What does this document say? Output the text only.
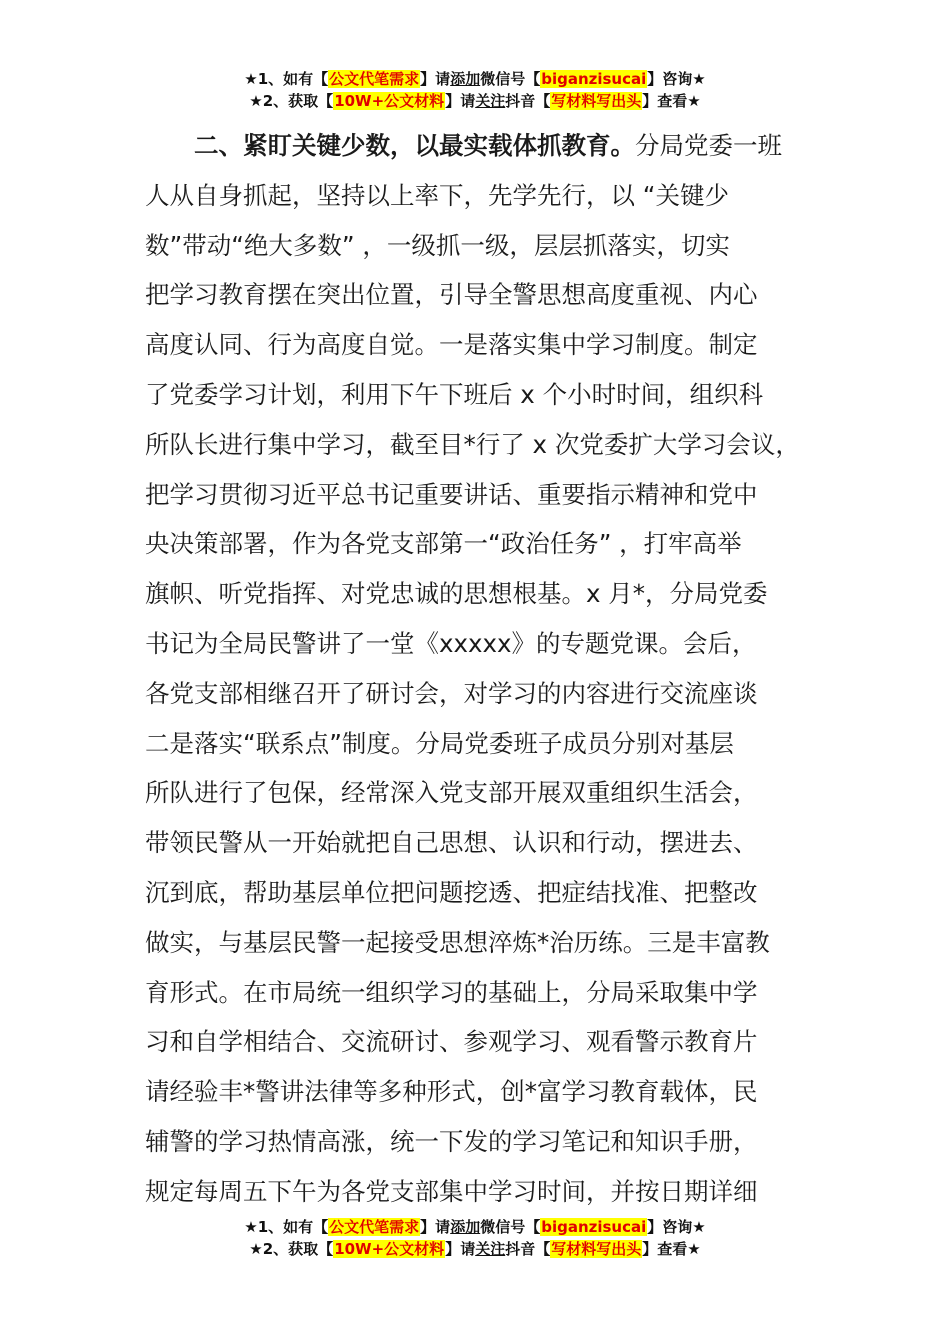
★1、如有【公文代笔需求】请添加微信号【biganzisucai】咨询★
★2、获取【10W+公文材料】请关注抖音【写材料写出头】查看★
　　二、紧盯关键少数，以最实载体抓教育。分局党委一班
人从自身抓起，坚持以上率下，先学先行，以 “关键少
数”带动“绝大多数” ，一级抓一级，层层抓落实，切实
把学习教育摆在突出位置，引导全警思想高度重视、内心
高度认同、行为高度自觉。一是落实集中学习制度。制定
了党委学习计划，利用下午下班后 x 个小时时间，组织科
所队长进行集中学习，截至目*行了 x 次党委扩大学习会议，
把学习贯彻习近平总书记重要讲话、重要指示精神和党中
央决策部署，作为各党支部第一“政治任务” ，打牢高举
旗帜、听党指挥、对党忠诚的思想根基。x 月*，分局党委
书记为全局民警讲了一堂《xxxxx》的专题党课。会后，
各党支部相继召开了研讨会，对学习的内容进行交流座谈
二是落实“联系点”制度。分局党委班子成员分别对基层
所队进行了包保，经常深入党支部开展双重组织生活会，
带领民警从一开始就把自己思想、认识和行动，摆进去、
沉到底，帮助基层单位把问题挖透、把症结找准、把整改
做实，与基层民警一起接受思想淬炼*治历练。三是丰富教
育形式。在市局统一组织学习的基础上，分局采取集中学
习和自学相结合、交流研讨、参观学习、观看警示教育片
请经验丰*警讲法律等多种形式，创*富学习教育载体，民
辅警的学习热情高涨，统一下发的学习笔记和知识手册，
规定每周五下午为各党支部集中学习时间，并按日期详细
★1、如有【公文代笔需求】请添加微信号【biganzisucai】咨询★
★2、获取【10W+公文材料】请关注抖音【写材料写出头】查看★
